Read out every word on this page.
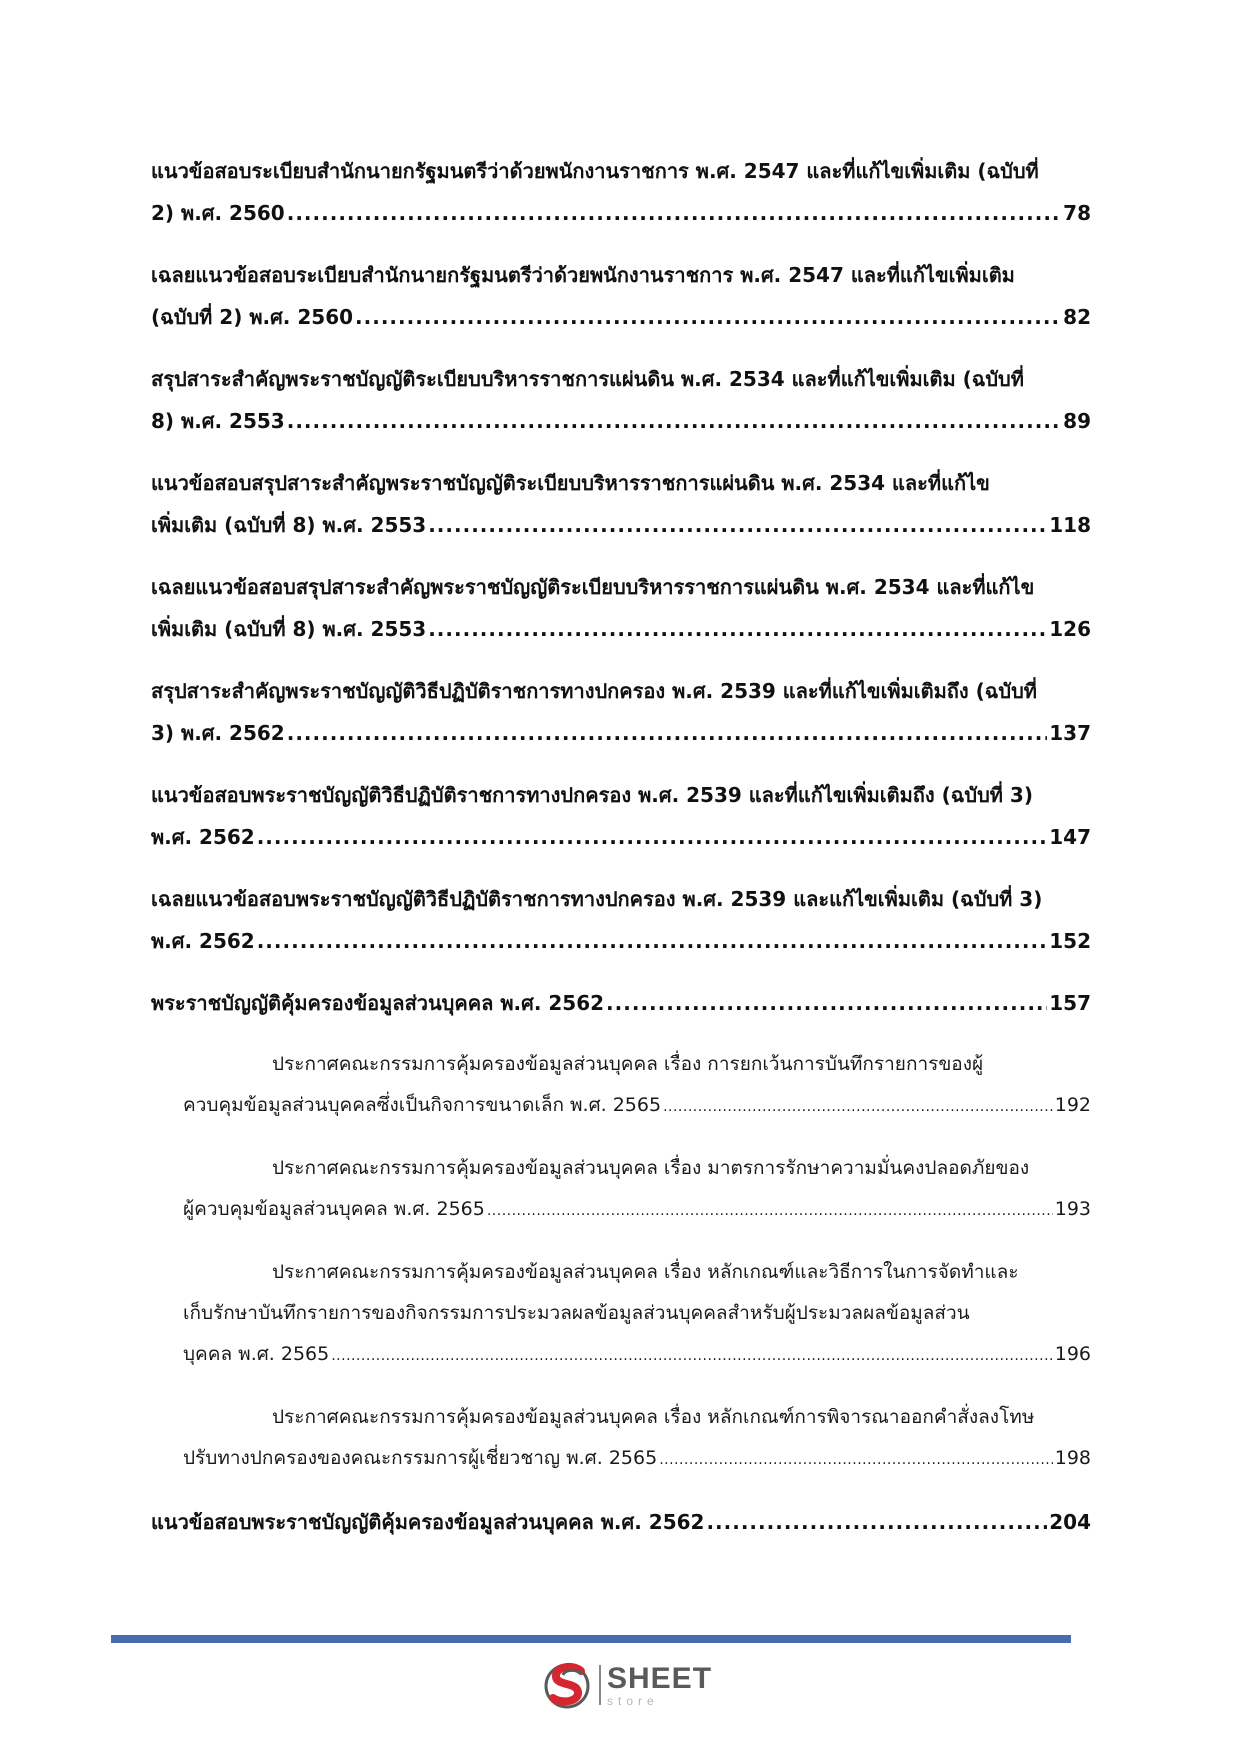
แนวข้อสอบระเบียบสำนักนายกรัฐมนตรีว่าด้วยพนักงานราชการ พ.ศ. 2547 และที่แก้ไขเพิ่มเติม (ฉบับที่
2) พ.ศ. 2560 .....	78
เฉลยแนวข้อสอบระเบียบสำนักนายกรัฐมนตรีว่าด้วยพนักงานราชการ พ.ศ. 2547 และที่แก้ไขเพิ่มเติม
(ฉบับที่ 2) พ.ศ. 2560 .....	82
สรุปสาระสำคัญพระราชบัญญัติระเบียบบริหารราชการแผ่นดิน พ.ศ. 2534 และที่แก้ไขเพิ่มเติม (ฉบับที่
8) พ.ศ. 2553 .....	89
แนวข้อสอบสรุปสาระสำคัญพระราชบัญญัติระเบียบบริหารราชการแผ่นดิน พ.ศ. 2534 และที่แก้ไข
เพิ่มเติม (ฉบับที่ 8) พ.ศ. 2553 .....	118
เฉลยแนวข้อสอบสรุปสาระสำคัญพระราชบัญญัติระเบียบบริหารราชการแผ่นดิน พ.ศ. 2534 และที่แก้ไข
เพิ่มเติม (ฉบับที่ 8) พ.ศ. 2553 .....	126
สรุปสาระสำคัญพระราชบัญญัติวิธีปฏิบัติราชการทางปกครอง พ.ศ. 2539 และที่แก้ไขเพิ่มเติมถึง (ฉบับที่
3) พ.ศ. 2562 .....	137
แนวข้อสอบพระราชบัญญัติวิธีปฏิบัติราชการทางปกครอง พ.ศ. 2539 และที่แก้ไขเพิ่มเติมถึง (ฉบับที่ 3)
พ.ศ. 2562 .....	147
เฉลยแนวข้อสอบพระราชบัญญัติวิธีปฏิบัติราชการทางปกครอง พ.ศ. 2539 และแก้ไขเพิ่มเติม (ฉบับที่ 3)
พ.ศ. 2562 .....	152
พระราชบัญญัติคุ้มครองข้อมูลส่วนบุคคล พ.ศ. 2562 .....	157
ประกาศคณะกรรมการคุ้มครองข้อมูลส่วนบุคคล เรื่อง การยกเว้นการบันทึกรายการของผู้
ควบคุมข้อมูลส่วนบุคคลซึ่งเป็นกิจการขนาดเล็ก พ.ศ. 2565 .....	192
ประกาศคณะกรรมการคุ้มครองข้อมูลส่วนบุคคล เรื่อง มาตรการรักษาความมั่นคงปลอดภัยของ
ผู้ควบคุมข้อมูลส่วนบุคคล พ.ศ. 2565 .....	193
ประกาศคณะกรรมการคุ้มครองข้อมูลส่วนบุคคล เรื่อง หลักเกณฑ์และวิธีการในการจัดทำและ
เก็บรักษาบันทึกรายการของกิจกรรมการประมวลผลข้อมูลส่วนบุคคลสำหรับผู้ประมวลผลข้อมูลส่วน
บุคคล พ.ศ. 2565 .....	196
ประกาศคณะกรรมการคุ้มครองข้อมูลส่วนบุคคล เรื่อง หลักเกณฑ์การพิจารณาออกคำสั่งลงโทษ
ปรับทางปกครองของคณะกรรมการผู้เชี่ยวชาญ พ.ศ. 2565 .....	198
แนวข้อสอบพระราชบัญญัติคุ้มครองข้อมูลส่วนบุคคล พ.ศ. 2562 .....	204
SHEET
store
